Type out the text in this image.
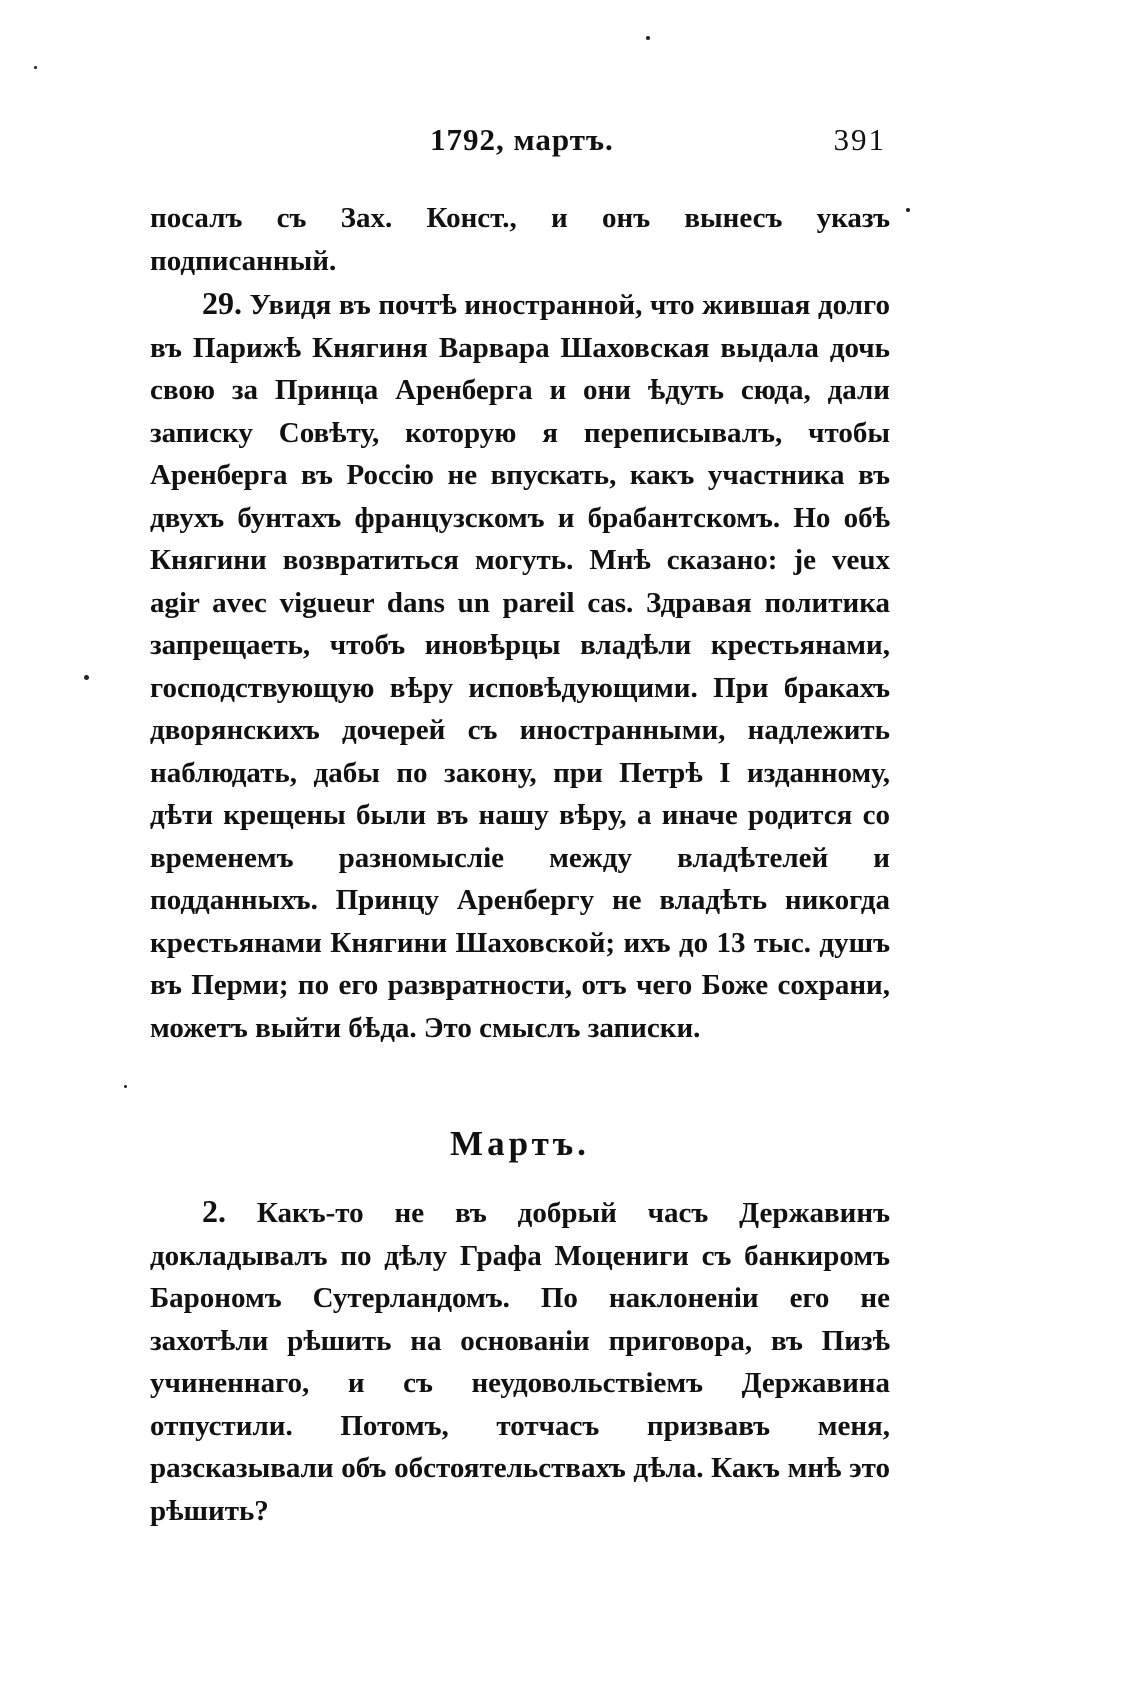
1792, мартъ.	391

посалъ съ Зах. Конст., и онъ вынесъ указъ подписанный.

29. Увидя въ почтѣ иностранной, что жившая долго въ Парижѣ Княгиня Варвара Шаховская выдала дочь свою за Принца Аренберга и они ѣдуть сюда, дали записку Совѣту, которую я переписывалъ, чтобы Аренберга въ Россію не впускать, какъ участника въ двухъ бунтахъ французскомъ и брабантскомъ. Но обѣ Княгини возвратиться могуть. Мнѣ сказано: je veux agir avec vigueur dans un pareil cas. Здравая политика запрещаеть, чтобъ иновѣрцы владѣли крестьянами, господствующую вѣру исповѣдующими. При бракахъ дворянскихъ дочерей съ иностранными, надлежить наблюдать, дабы по закону, при Петрѣ I изданному, дѣти крещены были въ нашу вѣру, а иначе родится со временемъ разномысліе между владѣтелей и подданныхъ. Принцу Аренбергу не владѣть никогда крестьянами Княгини Шаховской; ихъ до 13 тыс. душъ въ Перми; по его развратности, отъ чего Боже сохрани, можетъ выйти бѣда. Это смыслъ записки.

Мартъ.

2. Какъ-то не въ добрый часъ Державинъ докладывалъ по дѣлу Графа Моцениги съ банкиромъ Барономъ Сутерландомъ. По наклоненіи его не захотѣли рѣшить на основаніи приговора, въ Пизѣ учиненнаго, и съ неудовольствіемъ Державина отпустили. Потомъ, тотчасъ призвавъ меня, разсказывали объ обстоятельствахъ дѣла. Какъ мнѣ это рѣшить?
